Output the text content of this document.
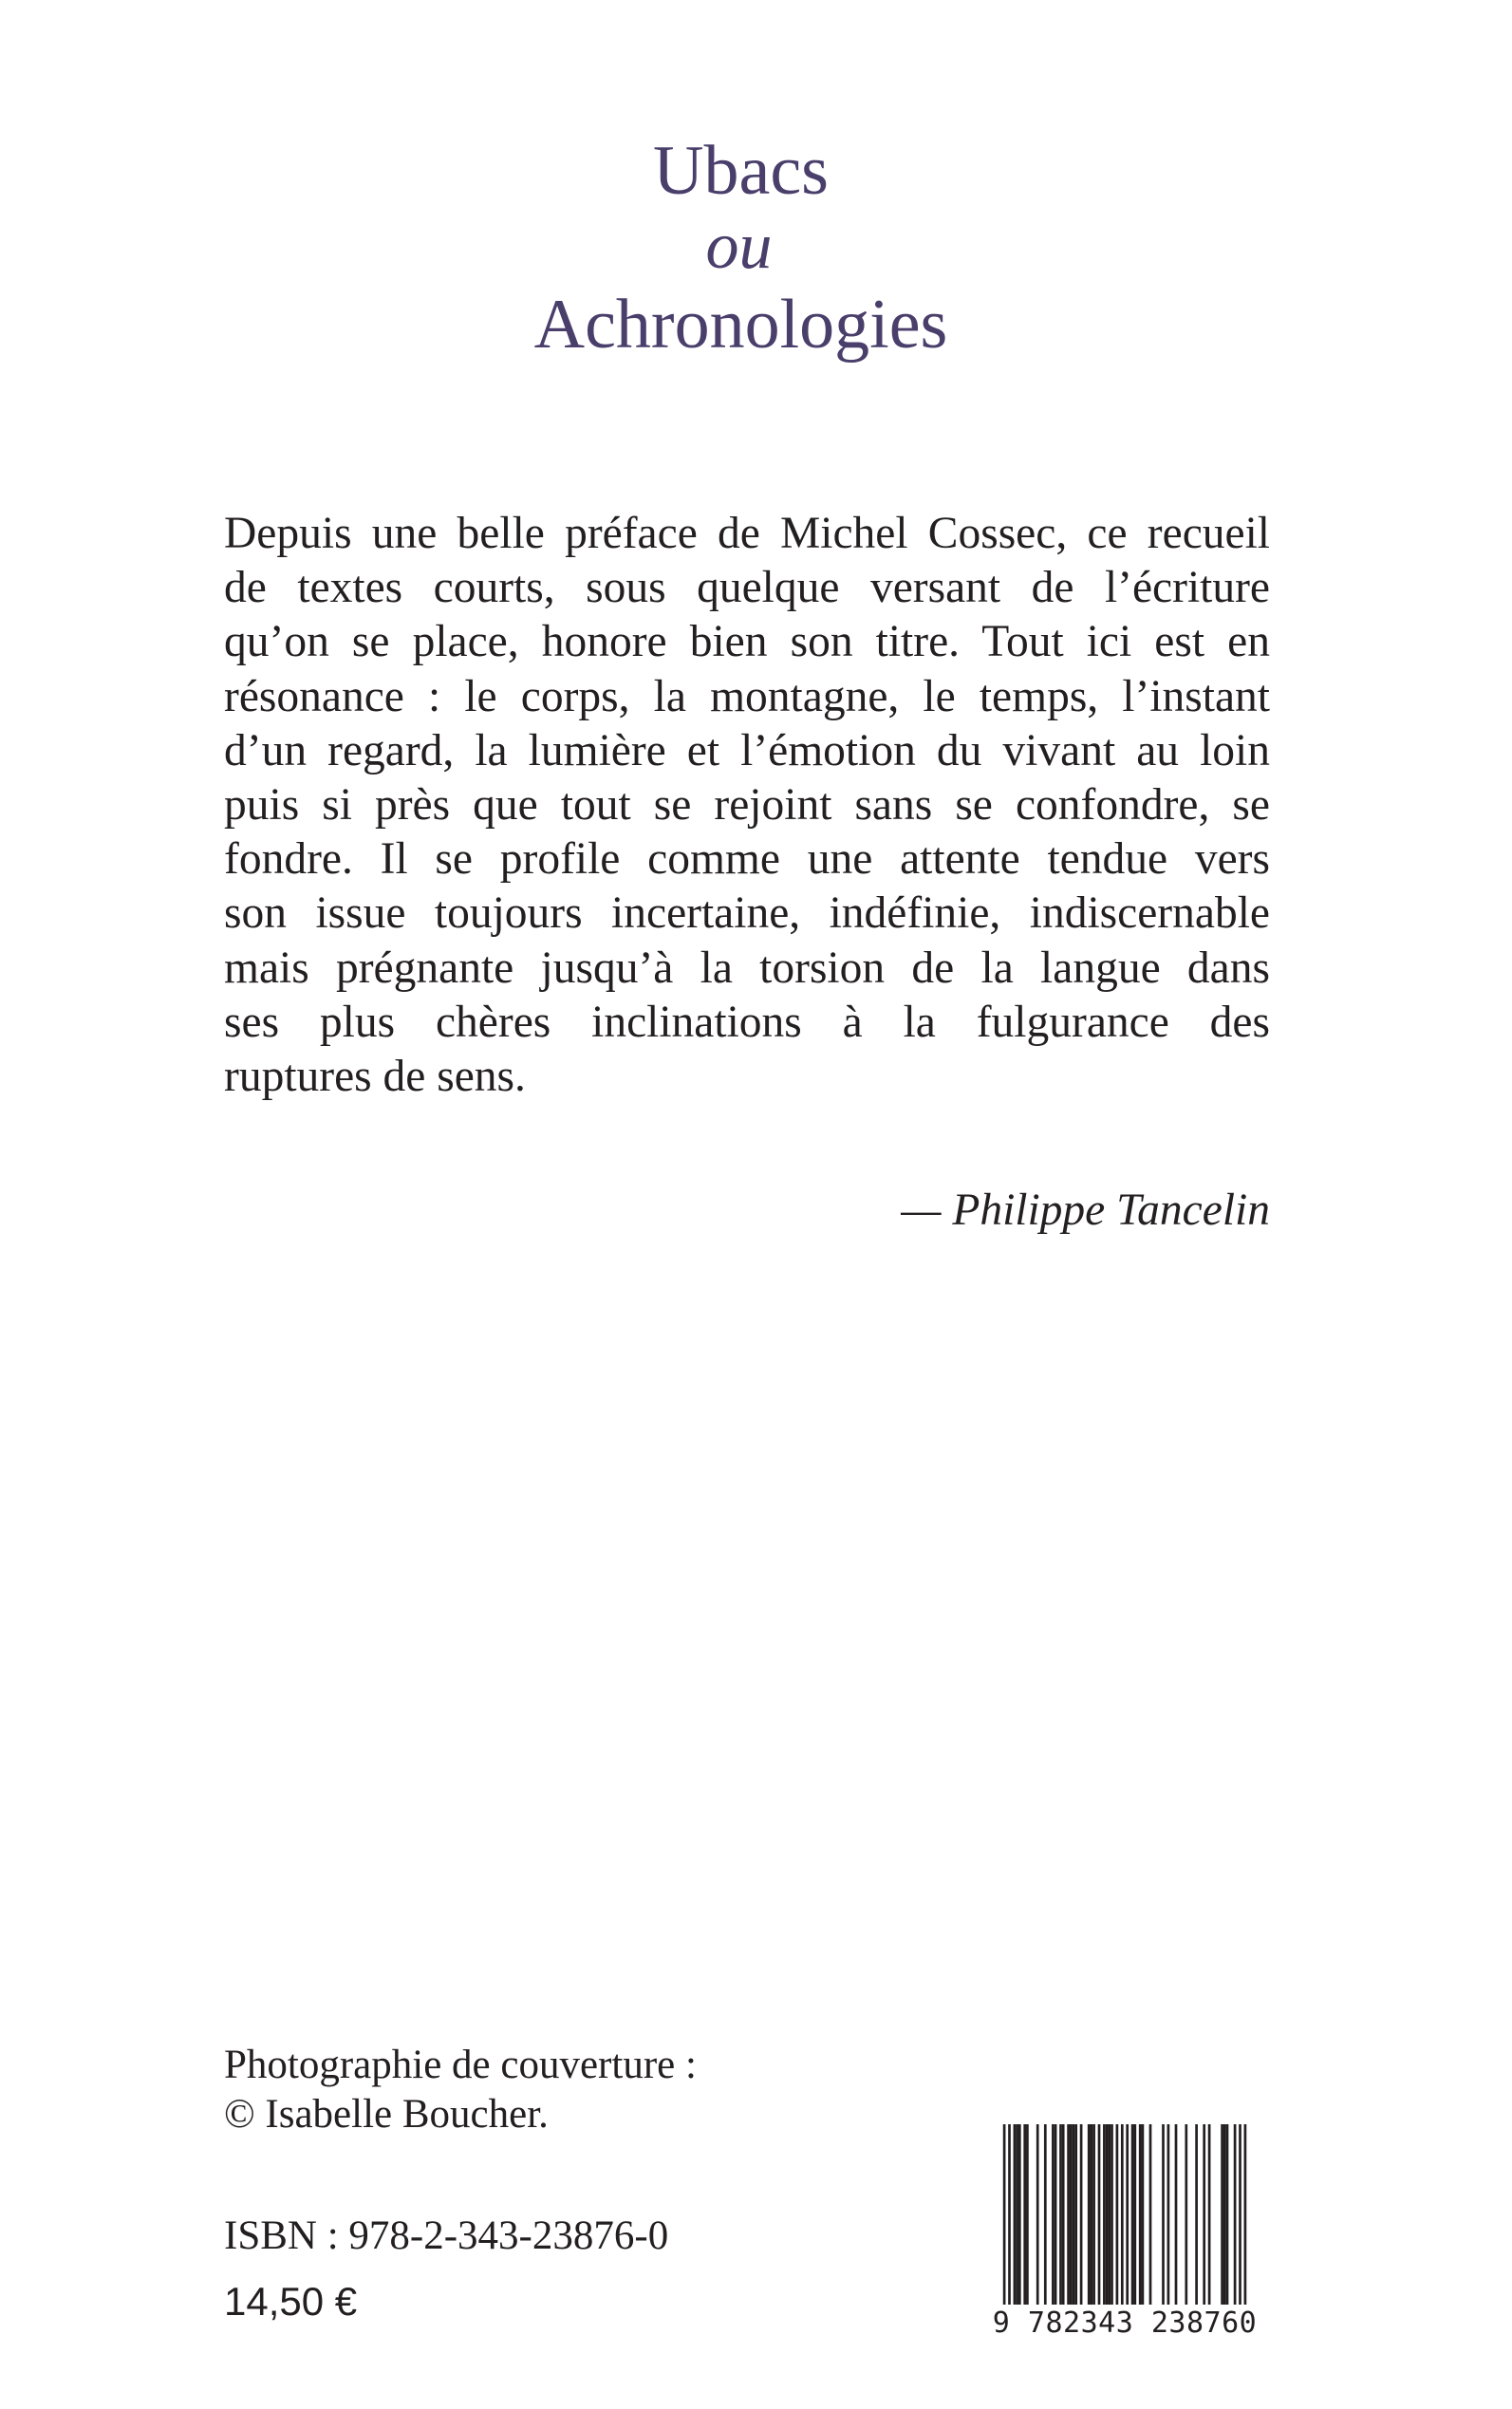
Ubacs
ou
Achronologies
Depuis une belle préface de Michel Cossec, ce recueil
de textes courts, sous quelque versant de l’écriture
qu’on se place, honore bien son titre. Tout ici est en
résonance : le corps, la montagne, le temps, l’instant
d’un regard, la lumière et l’émotion du vivant au loin
puis si près que tout se rejoint sans se confondre, se
fondre. Il se profile comme une attente tendue vers
son issue toujours incertaine, indéfinie, indiscernable
mais prégnante jusqu’à la torsion de la langue dans
ses plus chères inclinations à la fulgurance des
ruptures de sens.
— Philippe Tancelin
Photographie de couverture :
© Isabelle Boucher.
ISBN : 978-2-343-23876-0
14,50 €	9 782343 238760
